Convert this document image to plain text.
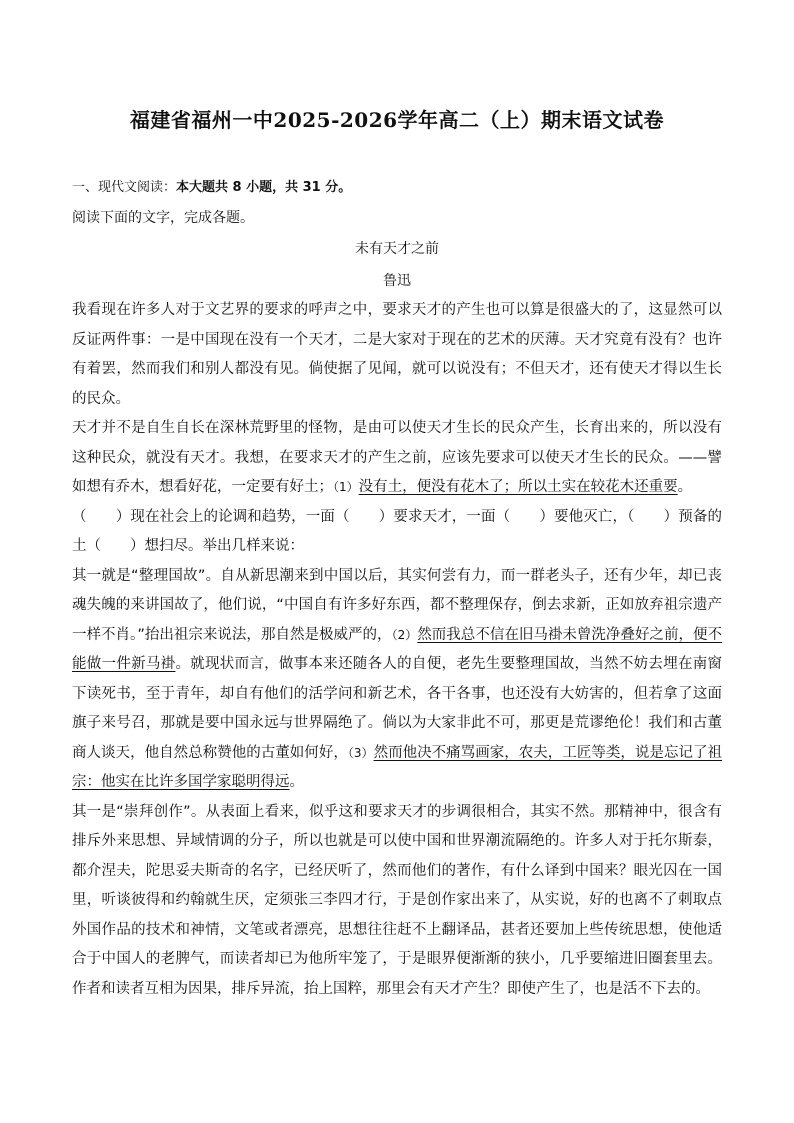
福建省福州一中2025-2026学年高二（上）期末语文试卷
一、现代文阅读：本大题共 8 小题，共 31 分。
阅读下面的文字，完成各题。
未有天才之前
鲁迅

我看现在许多人对于文艺界的要求的呼声之中，要求天才的产生也可以算是很盛大的了，这显然可以反证两件事：一是中国现在没有一个天才，二是大家对于现在的艺术的厌薄。天才究竟有没有？也许有着罢，然而我们和别人都没有见。倘使据了见闻，就可以说没有；不但天才，还有使天才得以生长的民众。

天才并不是自生自长在深林荒野里的怪物，是由可以使天才生长的民众产生，长育出来的，所以没有这种民众，就没有天才。我想，在要求天才的产生之前，应该先要求可以使天才生长的民众。——譬如想有乔木，想看好花，一定要有好土；（1）没有土，便没有花木了；所以土实在较花木还重要。

（　　）现在社会上的论调和趋势，一面（　　）要求天才，一面（　　）要他灭亡，（　　）预备的土（　　）想扫尽。举出几样来说：

其一就是“整理国故”。自从新思潮来到中国以后，其实何尝有力，而一群老头子，还有少年，却已丧魂失魄的来讲国故了，他们说，“中国自有许多好东西，都不整理保存，倒去求新，正如放弃祖宗遗产一样不肖。”抬出祖宗来说法，那自然是极威严的，（2）然而我总不信在旧马褂未曾洗净叠好之前，便不能做一件新马褂。就现状而言，做事本来还随各人的自便，老先生要整理国故，当然不妨去埋在南窗下读死书，至于青年，却自有他们的活学问和新艺术，各干各事，也还没有大妨害的，但若拿了这面旗子来号召，那就是要中国永远与世界隔绝了。倘以为大家非此不可，那更是荒谬绝伦！我们和古董商人谈天，他自然总称赞他的古董如何好，（3）然而他决不痛骂画家，农夫，工匠等类，说是忘记了祖宗：他实在比许多国学家聪明得远。

其一是“崇拜创作”。从表面上看来，似乎这和要求天才的步调很相合，其实不然。那精神中，很含有排斥外来思想、异域情调的分子，所以也就是可以使中国和世界潮流隔绝的。许多人对于托尔斯泰，都介涅夫，陀思妥夫斯奇的名字，已经厌听了，然而他们的著作，有什么译到中国来？眼光囚在一国里，听谈彼得和约翰就生厌，定须张三李四才行，于是创作家出来了，从实说，好的也离不了刺取点外国作品的技术和神情，文笔或者漂亮，思想往往赶不上翻译品，甚者还要加上些传统思想，使他适合于中国人的老脾气，而读者却已为他所牢笼了，于是眼界便渐渐的狭小，几乎要缩进旧圈套里去。作者和读者互相为因果，排斥异流，抬上国粹，那里会有天才产生？即使产生了，也是活不下去的。
